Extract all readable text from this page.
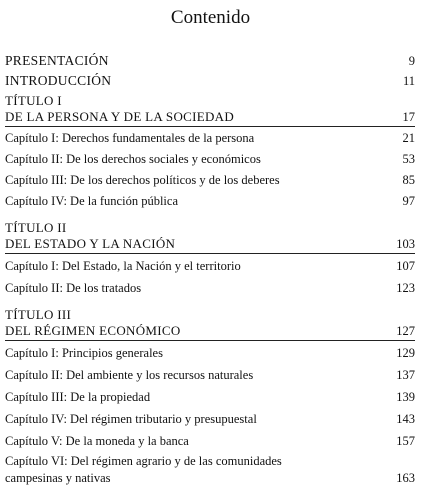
Contenido
PRESENTACIÓN	9
INTRODUCCIÓN	11
TÍTULO I
DE LA PERSONA Y DE LA SOCIEDAD	17
Capítulo I: Derechos fundamentales de la persona	21
Capítulo II: De los derechos sociales y económicos	53
Capítulo III: De los derechos políticos y de los deberes	85
Capítulo IV: De la función pública	97
TÍTULO II
DEL ESTADO Y LA NACIÓN	103
Capítulo I: Del Estado, la Nación y el territorio	107
Capítulo II: De los tratados	123
TÍTULO III
DEL RÉGIMEN ECONÓMICO	127
Capítulo I: Principios generales	129
Capítulo II: Del ambiente y los recursos naturales	137
Capítulo III: De la propiedad	139
Capítulo IV: Del régimen tributario y presupuestal	143
Capítulo V: De la moneda y la banca	157
Capítulo VI: Del régimen agrario y de las comunidades
campesinas y nativas	163
